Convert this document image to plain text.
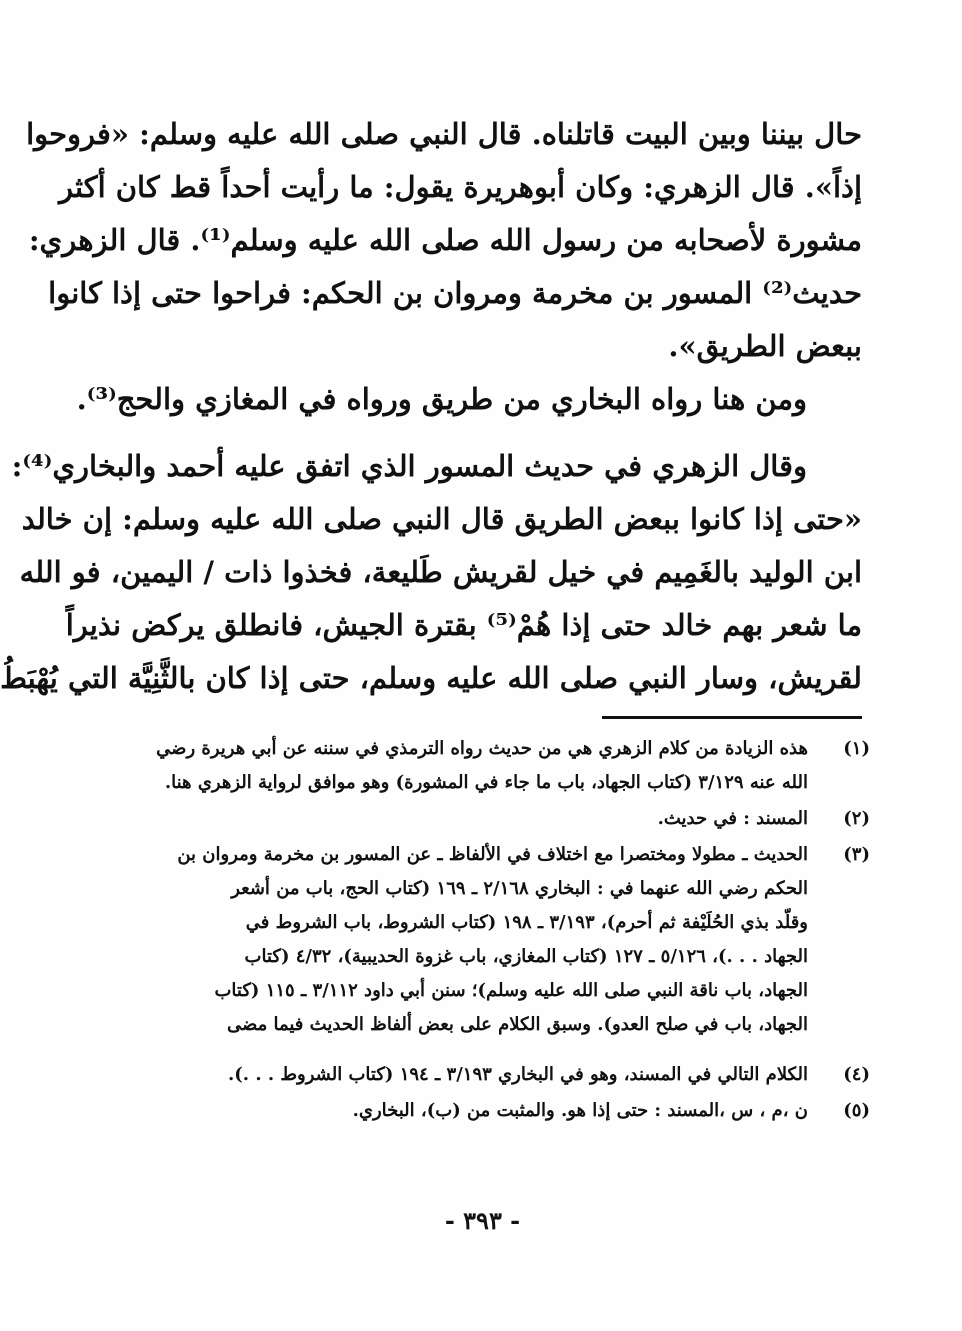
حال بيننا وبين البيت قاتلناه. قال النبي صلى الله عليه وسلم: «فروحوا
إذاً». قال الزهري: وكان أبوهريرة يقول: ما رأيت أحداً قط كان أكثر
مشورة لأصحابه من رسول الله صلى الله عليه وسلم⁽¹⁾. قال الزهري:
حديث⁽²⁾ المسور بن مخرمة ومروان بن الحكم: فراحوا حتى إذا كانوا
ببعض الطريق».
ومن هنا رواه البخاري من طريق ورواه في المغازي والحج⁽³⁾.
وقال الزهري في حديث المسور الذي اتفق عليه أحمد والبخاري⁽⁴⁾:
«حتى إذا كانوا ببعض الطريق قال النبي صلى الله عليه وسلم: إن خالد
ابن الوليد بالغَمِيم في خيل لقريش طَليعة، فخذوا ذات / اليمين، فو الله
ما شعر بهم خالد حتى إذا هُمْ⁽⁵⁾ بقترة الجيش، فانطلق يركض نذيراً
لقريش، وسار النبي صلى الله عليه وسلم، حتى إذا كان بالثَّنِيَّة التي يُهْبَطُ
(١)
هذه الزيادة من كلام الزهري هي من حديث رواه الترمذي في سننه عن أبي هريرة رضي
الله عنه ٣/١٢٩ (كتاب الجهاد، باب ما جاء في المشورة) وهو موافق لرواية الزهري هنا.
(٢)
المسند : في حديث.
(٣)
الحديث ـ مطولا ومختصرا مع اختلاف في الألفاظ ـ عن المسور بن مخرمة ومروان بن
الحكم رضي الله عنهما في : البخاري ٢/١٦٨ ـ ١٦٩ (كتاب الحج، باب من أشعر
وقلّد بذي الحُلَيْفة ثم أحرم)، ٣/١٩٣ ـ ١٩٨ (كتاب الشروط، باب الشروط في
الجهاد . . .)، ٥/١٢٦ ـ ١٢٧ (كتاب المغازي، باب غزوة الحديبية)، ٤/٣٢ (كتاب
الجهاد، باب ناقة النبي صلى الله عليه وسلم)؛ سنن أبي داود ٣/١١٢ ـ ١١٥ (كتاب
الجهاد، باب في صلح العدو). وسبق الكلام على بعض ألفاظ الحديث فيما مضى
(٤)
الكلام التالي في المسند، وهو في البخاري ٣/١٩٣ ـ ١٩٤ (كتاب الشروط . . .).
(٥)
ن ،م ، س ،المسند : حتى إذا هو. والمثبت من (ب)، البخاري.
- ٣٩٣ -
